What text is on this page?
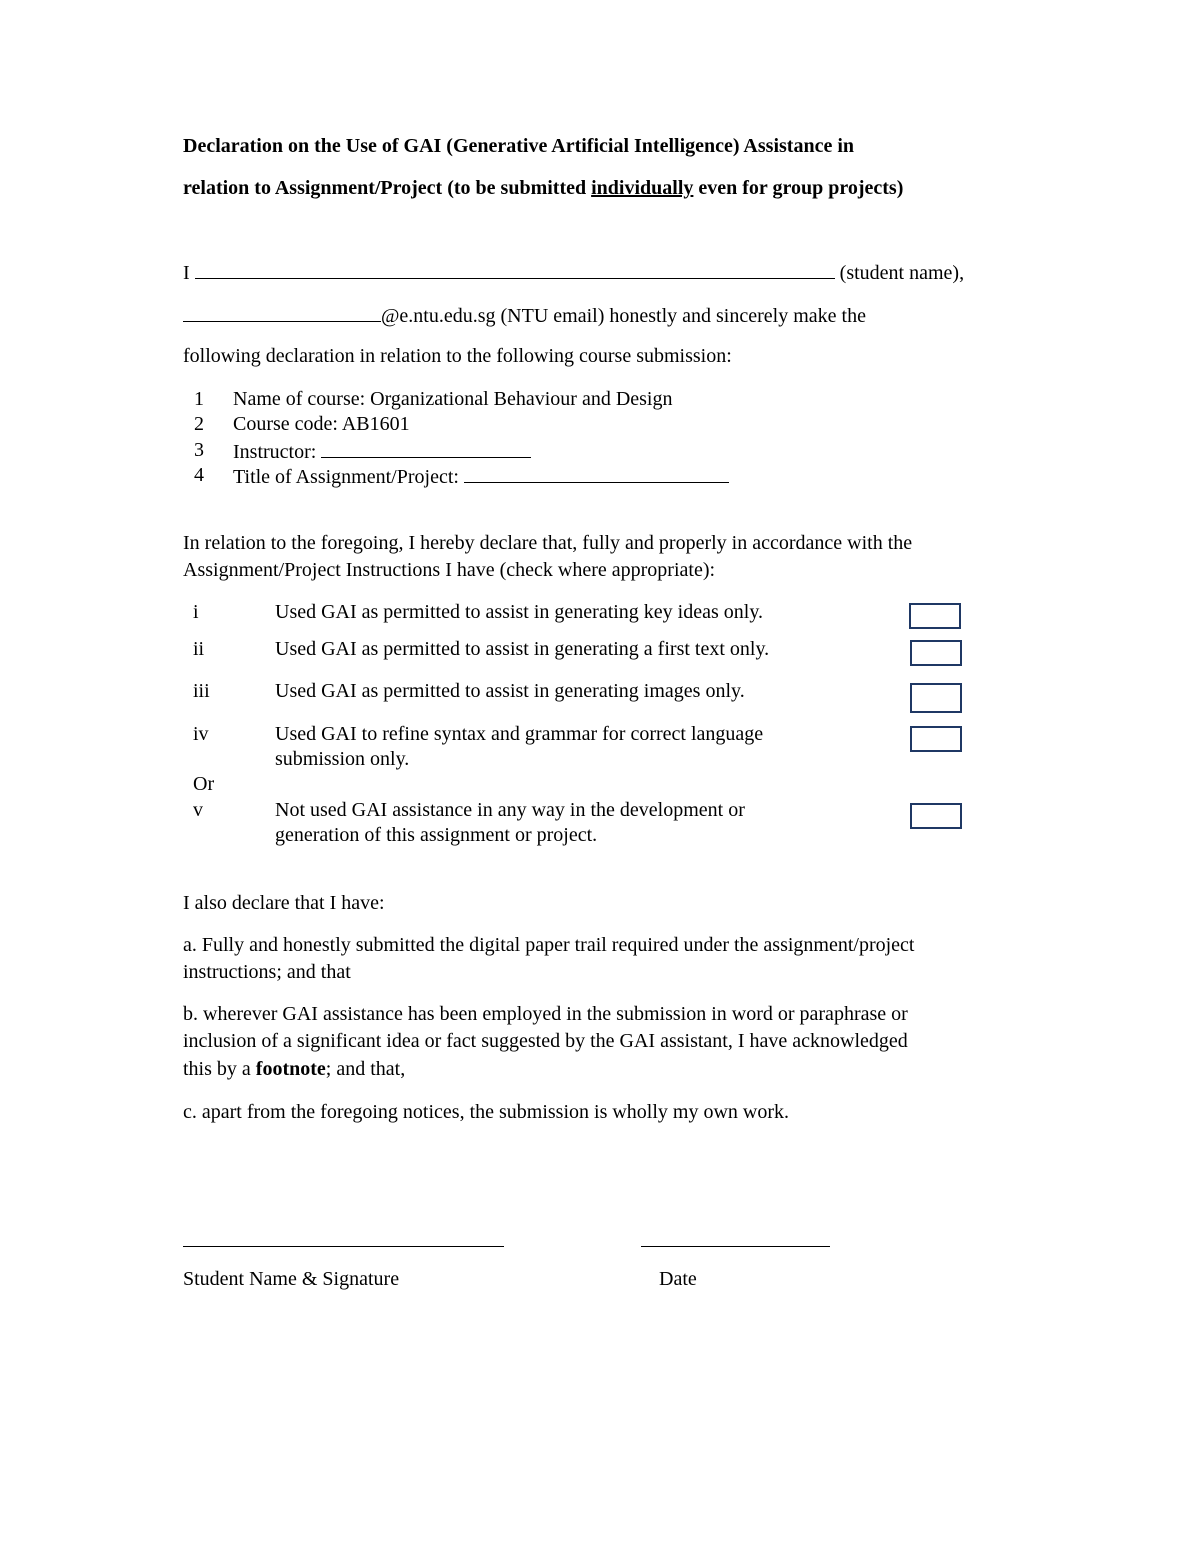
Declaration on the Use of GAI (Generative Artificial Intelligence) Assistance in
relation to Assignment/Project (to be submitted individually even for group projects)
I	(student name),
@e.ntu.edu.sg (NTU email) honestly and sincerely make the
following declaration in relation to the following course submission:
1 Name of course: Organizational Behaviour and Design
2 Course code: AB1601
3 Instructor:
4 Title of Assignment/Project:
In relation to the foregoing, I hereby declare that, fully and properly in accordance with the
Assignment/Project Instructions I have (check where appropriate):
i	Used GAI as permitted to assist in generating key ideas only.
ii	Used GAI as permitted to assist in generating a first text only.
iii	Used GAI as permitted to assist in generating images only.
iv	Used GAI to refine syntax and grammar for correct language
submission only.
Or
v	Not used GAI assistance in any way in the development or
generation of this assignment or project.
I also declare that I have:
a. Fully and honestly submitted the digital paper trail required under the assignment/project
instructions; and that
b. wherever GAI assistance has been employed in the submission in word or paraphrase or
inclusion of a significant idea or fact suggested by the GAI assistant, I have acknowledged
this by a footnote; and that,
c. apart from the foregoing notices, the submission is wholly my own work.
Student Name & Signature	Date
